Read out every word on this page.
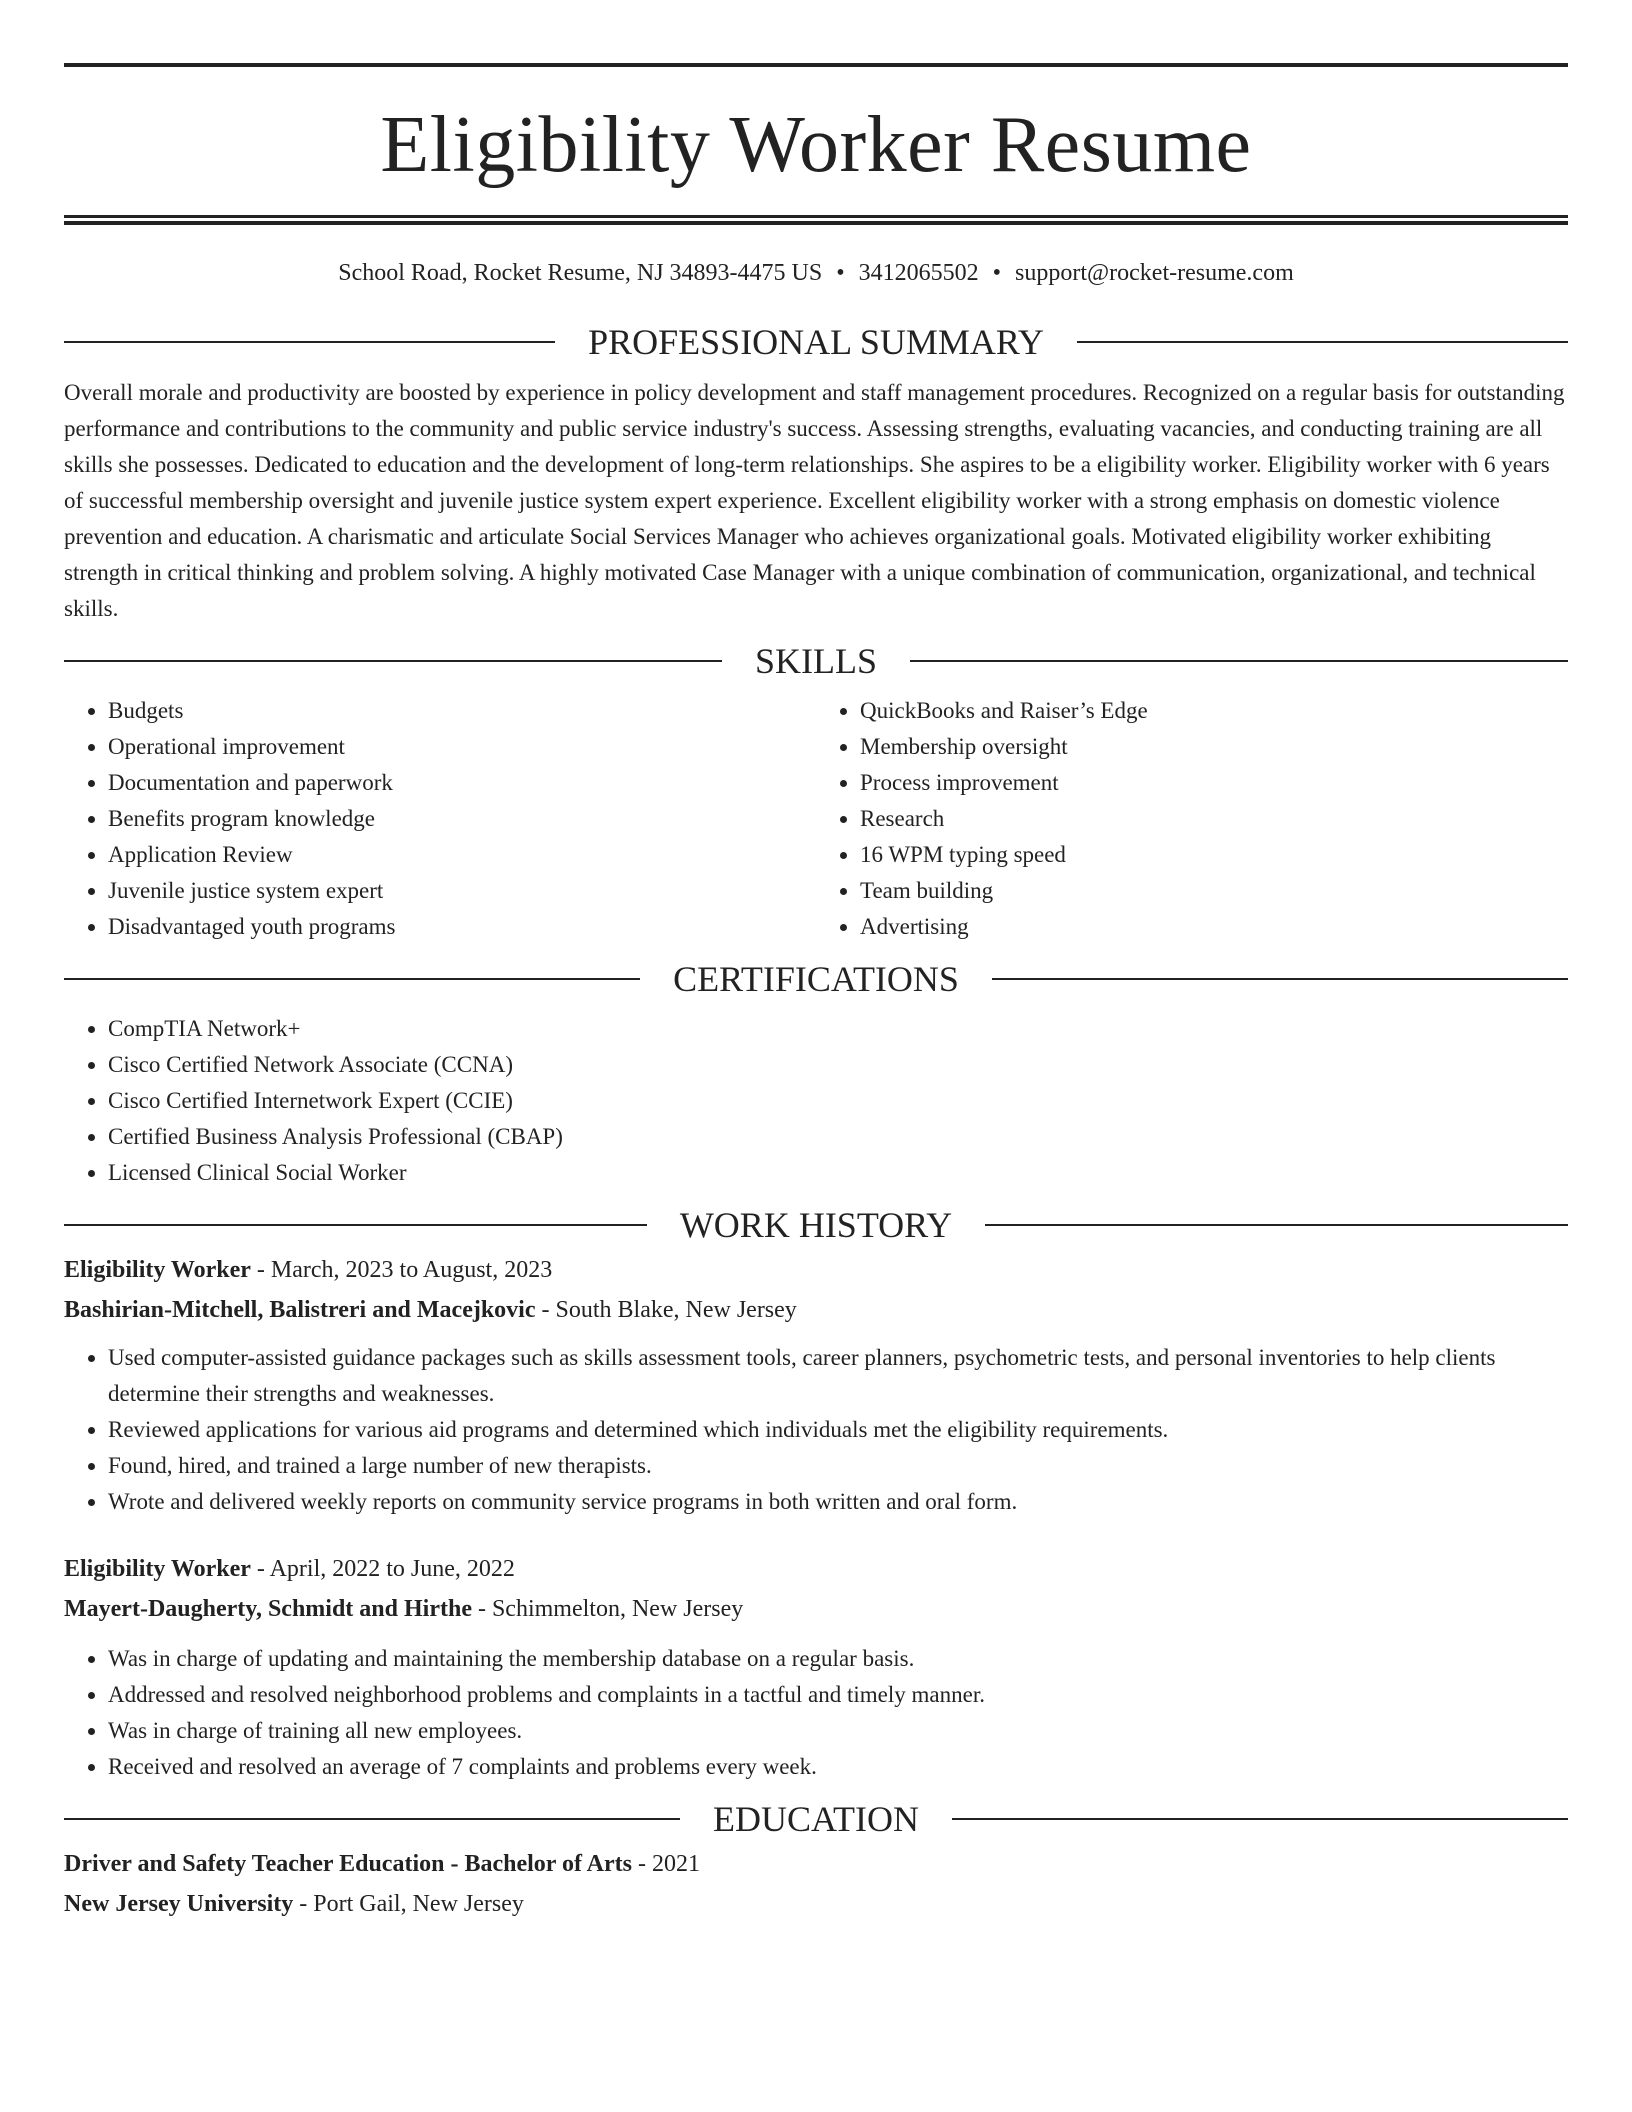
Eligibility Worker Resume
School Road, Rocket Resume, NJ 34893-4475 US • 3412065502 • support@rocket-resume.com
PROFESSIONAL SUMMARY

Overall morale and productivity are boosted by experience in policy development and staff management procedures. Recognized on a regular basis for outstanding performance and contributions to the community and public service industry's success. Assessing strengths, evaluating vacancies, and conducting training are all skills she possesses. Dedicated to education and the development of long-term relationships. She aspires to be a eligibility worker. Eligibility worker with 6 years of successful membership oversight and juvenile justice system expert experience. Excellent eligibility worker with a strong emphasis on domestic violence prevention and education. A charismatic and articulate Social Services Manager who achieves organizational goals. Motivated eligibility worker exhibiting strength in critical thinking and problem solving. A highly motivated Case Manager with a unique combination of communication, organizational, and technical skills.

SKILLS
• Budgets
• Operational improvement
• Documentation and paperwork
• Benefits program knowledge
• Application Review
• Juvenile justice system expert
• Disadvantaged youth programs
• QuickBooks and Raiser’s Edge
• Membership oversight
• Process improvement
• Research
• 16 WPM typing speed
• Team building
• Advertising
CERTIFICATIONS
• CompTIA Network+
• Cisco Certified Network Associate (CCNA)
• Cisco Certified Internetwork Expert (CCIE)
• Certified Business Analysis Professional (CBAP)
• Licensed Clinical Social Worker
WORK HISTORY
Eligibility Worker - March, 2023 to August, 2023
Bashirian-Mitchell, Balistreri and Macejkovic - South Blake, New Jersey
• Used computer-assisted guidance packages such as skills assessment tools, career planners, psychometric tests, and personal inventories to help clients determine their strengths and weaknesses.
• Reviewed applications for various aid programs and determined which individuals met the eligibility requirements.
• Found, hired, and trained a large number of new therapists.
• Wrote and delivered weekly reports on community service programs in both written and oral form.
Eligibility Worker - April, 2022 to June, 2022
Mayert-Daugherty, Schmidt and Hirthe - Schimmelton, New Jersey
• Was in charge of updating and maintaining the membership database on a regular basis.
• Addressed and resolved neighborhood problems and complaints in a tactful and timely manner.
• Was in charge of training all new employees.
• Received and resolved an average of 7 complaints and problems every week.
EDUCATION
Driver and Safety Teacher Education - Bachelor of Arts - 2021
New Jersey University - Port Gail, New Jersey
